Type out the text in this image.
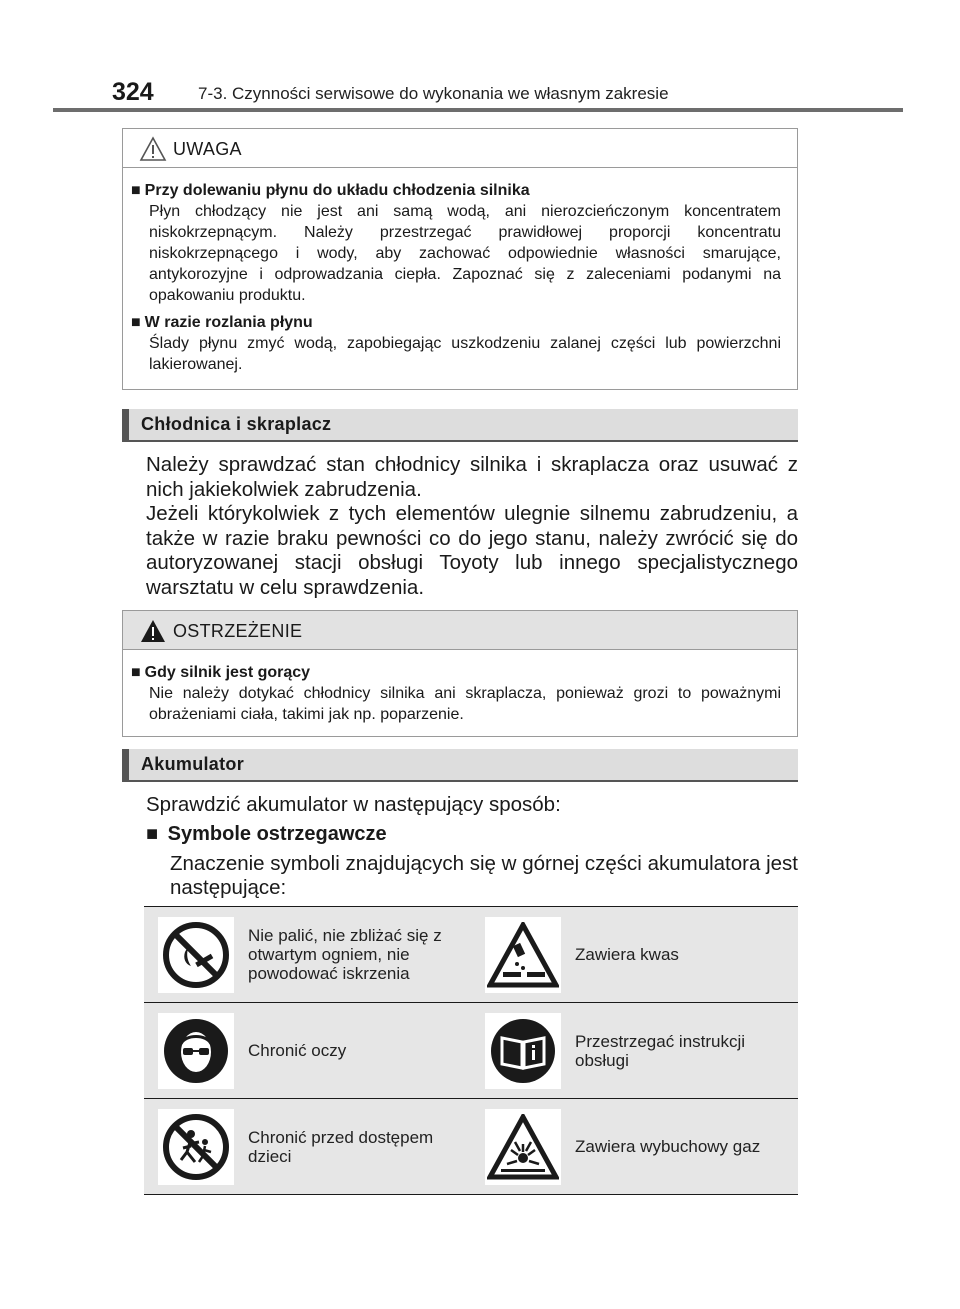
324	7-3. Czynności serwisowe do wykonania we własnym zakresie
UWAGA
■ Przy dolewaniu płynu do układu chłodzenia silnika
Płyn chłodzący nie jest ani samą wodą, ani nierozcieńczonym koncentratem niskokrzepnącym. Należy przestrzegać prawidłowej proporcji koncentratu niskokrzepnącego i wody, aby zachować odpowiednie własności smarujące, antykorozyjne i odprowadzania ciepła. Zapoznać się z zaleceniami podanymi na opakowaniu produktu.
■ W razie rozlania płynu
Ślady płynu zmyć wodą, zapobiegając uszkodzeniu zalanej części lub powierzchni lakierowanej.
Chłodnica i skraplacz

Należy sprawdzać stan chłodnicy silnika i skraplacza oraz usuwać z nich jakiekolwiek zabrudzenia.

Jeżeli którykolwiek z tych elementów ulegnie silnemu zabrudzeniu, a także w razie braku pewności co do jego stanu, należy zwrócić się do autoryzowanej stacji obsługi Toyoty lub innego specjalistycznego warsztatu w celu sprawdzenia.

OSTRZEŻENIE
■ Gdy silnik jest gorący
Nie należy dotykać chłodnicy silnika ani skraplacza, ponieważ grozi to poważnymi obrażeniami ciała, takimi jak np. poparzenie.
Akumulator
Sprawdzić akumulator w następujący sposób:
■ Symbole ostrzegawcze
Znaczenie symboli znajdujących się w górnej części akumulatora jest następujące:
	Nie palić, nie zbliżać się z otwartym ogniem, nie powodować iskrzenia		Zawiera kwas

	Chronić oczy		Przestrzegać instrukcji obsługi

	Chronić przed dostępem dzieci		Zawiera wybuchowy gaz
